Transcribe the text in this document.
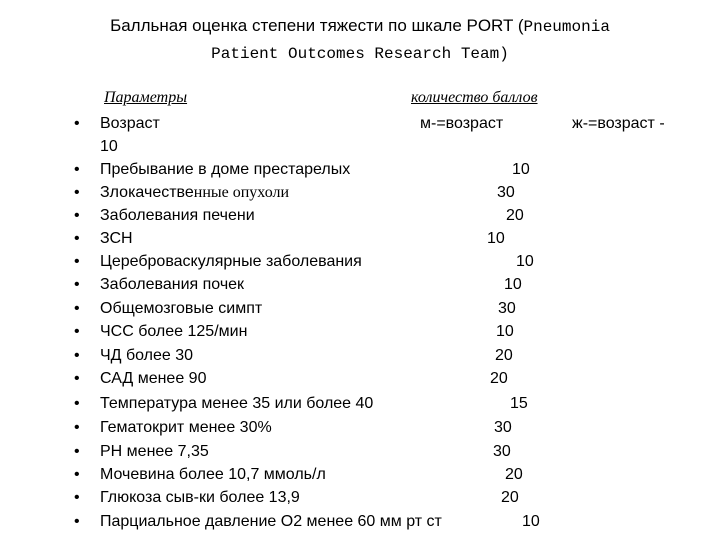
Балльная оценка степени тяжести по шкале PORT (Pneumonia
Patient Outcomes Research Team)
Параметры	количество баллов
• Возраст	м-=возраст	ж-=возраст -
10
• Пребывание в доме престарелых	10
• Злокачественные опухоли	30
• Заболевания печени	20
• ЗСН	10
• Цереброваскулярные заболевания	10
• Заболевания почек	10
• Общемозговые симпт	30
• ЧСС более 125/мин	10
• ЧД более 30	20
• САД менее 90	20
• Температура менее 35 или более 40	15
• Гематокрит менее 30%	30
• РН менее 7,35	30
• Мочевина более 10,7 ммоль/л	20
• Глюкоза сыв-ки более 13,9	20
• Парциальное давление О2 менее 60 мм рт ст	10
